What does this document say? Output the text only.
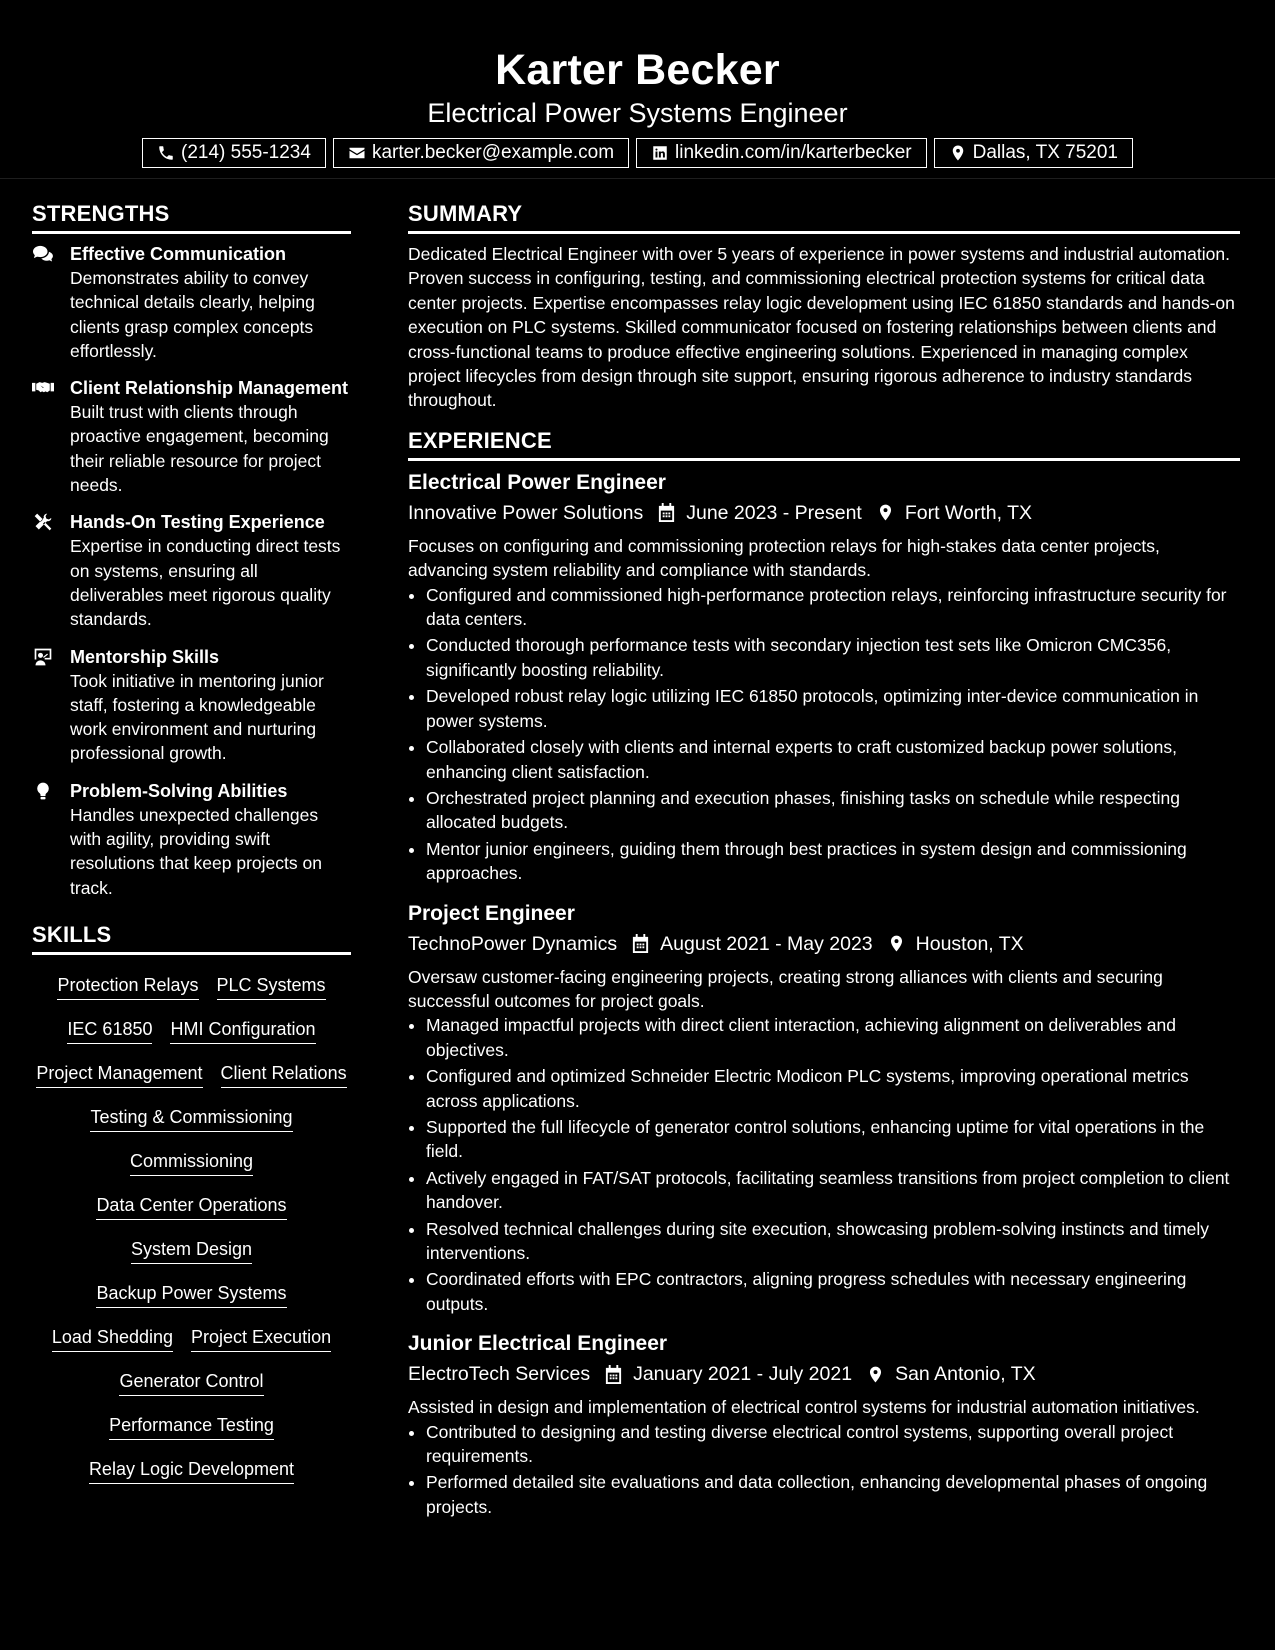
Karter Becker
Electrical Power Systems Engineer
(214) 555-1234	karter.becker@example.com	linkedin.com/in/karterbecker	Dallas, TX 75201
STRENGTHS
Effective Communication
Demonstrates ability to convey technical details clearly, helping clients grasp complex concepts effortlessly.
Client Relationship Management
Built trust with clients through proactive engagement, becoming their reliable resource for project needs.
Hands-On Testing Experience
Expertise in conducting direct tests on systems, ensuring all deliverables meet rigorous quality standards.
Mentorship Skills
Took initiative in mentoring junior staff, fostering a knowledgeable work environment and nurturing professional growth.
Problem-Solving Abilities
Handles unexpected challenges with agility, providing swift resolutions that keep projects on track.
SKILLS
Protection Relays PLC Systems
IEC 61850 HMI Configuration
Project Management Client Relations
Testing & Commissioning
Commissioning
Data Center Operations
System Design
Backup Power Systems
Load Shedding Project Execution
Generator Control
Performance Testing
Relay Logic Development
SUMMARY

Dedicated Electrical Engineer with over 5 years of experience in power systems and industrial automation. Proven success in configuring, testing, and commissioning electrical protection systems for critical data center projects. Expertise encompasses relay logic development using IEC 61850 standards and hands-on execution on PLC systems. Skilled communicator focused on fostering relationships between clients and cross-functional teams to produce effective engineering solutions. Experienced in managing complex project lifecycles from design through site support, ensuring rigorous adherence to industry standards throughout.

EXPERIENCE
Electrical Power Engineer
Innovative Power Solutions June 2023 - Present Fort Worth, TX
Focuses on configuring and commissioning protection relays for high-stakes data center projects, advancing system reliability and compliance with standards.
• Configured and commissioned high-performance protection relays, reinforcing infrastructure security for data centers.
• Conducted thorough performance tests with secondary injection test sets like Omicron CMC356, significantly boosting reliability.
• Developed robust relay logic utilizing IEC 61850 protocols, optimizing inter-device communication in power systems.
• Collaborated closely with clients and internal experts to craft customized backup power solutions, enhancing client satisfaction.
• Orchestrated project planning and execution phases, finishing tasks on schedule while respecting allocated budgets.
• Mentor junior engineers, guiding them through best practices in system design and commissioning approaches.
Project Engineer
TechnoPower Dynamics August 2021 - May 2023 Houston, TX
Oversaw customer-facing engineering projects, creating strong alliances with clients and securing successful outcomes for project goals.
• Managed impactful projects with direct client interaction, achieving alignment on deliverables and objectives.
• Configured and optimized Schneider Electric Modicon PLC systems, improving operational metrics across applications.
• Supported the full lifecycle of generator control solutions, enhancing uptime for vital operations in the field.
• Actively engaged in FAT/SAT protocols, facilitating seamless transitions from project completion to client handover.
• Resolved technical challenges during site execution, showcasing problem-solving instincts and timely interventions.
• Coordinated efforts with EPC contractors, aligning progress schedules with necessary engineering outputs.
Junior Electrical Engineer
ElectroTech Services January 2021 - July 2021 San Antonio, TX
Assisted in design and implementation of electrical control systems for industrial automation initiatives.
• Contributed to designing and testing diverse electrical control systems, supporting overall project requirements.
• Performed detailed site evaluations and data collection, enhancing developmental phases of ongoing projects.
